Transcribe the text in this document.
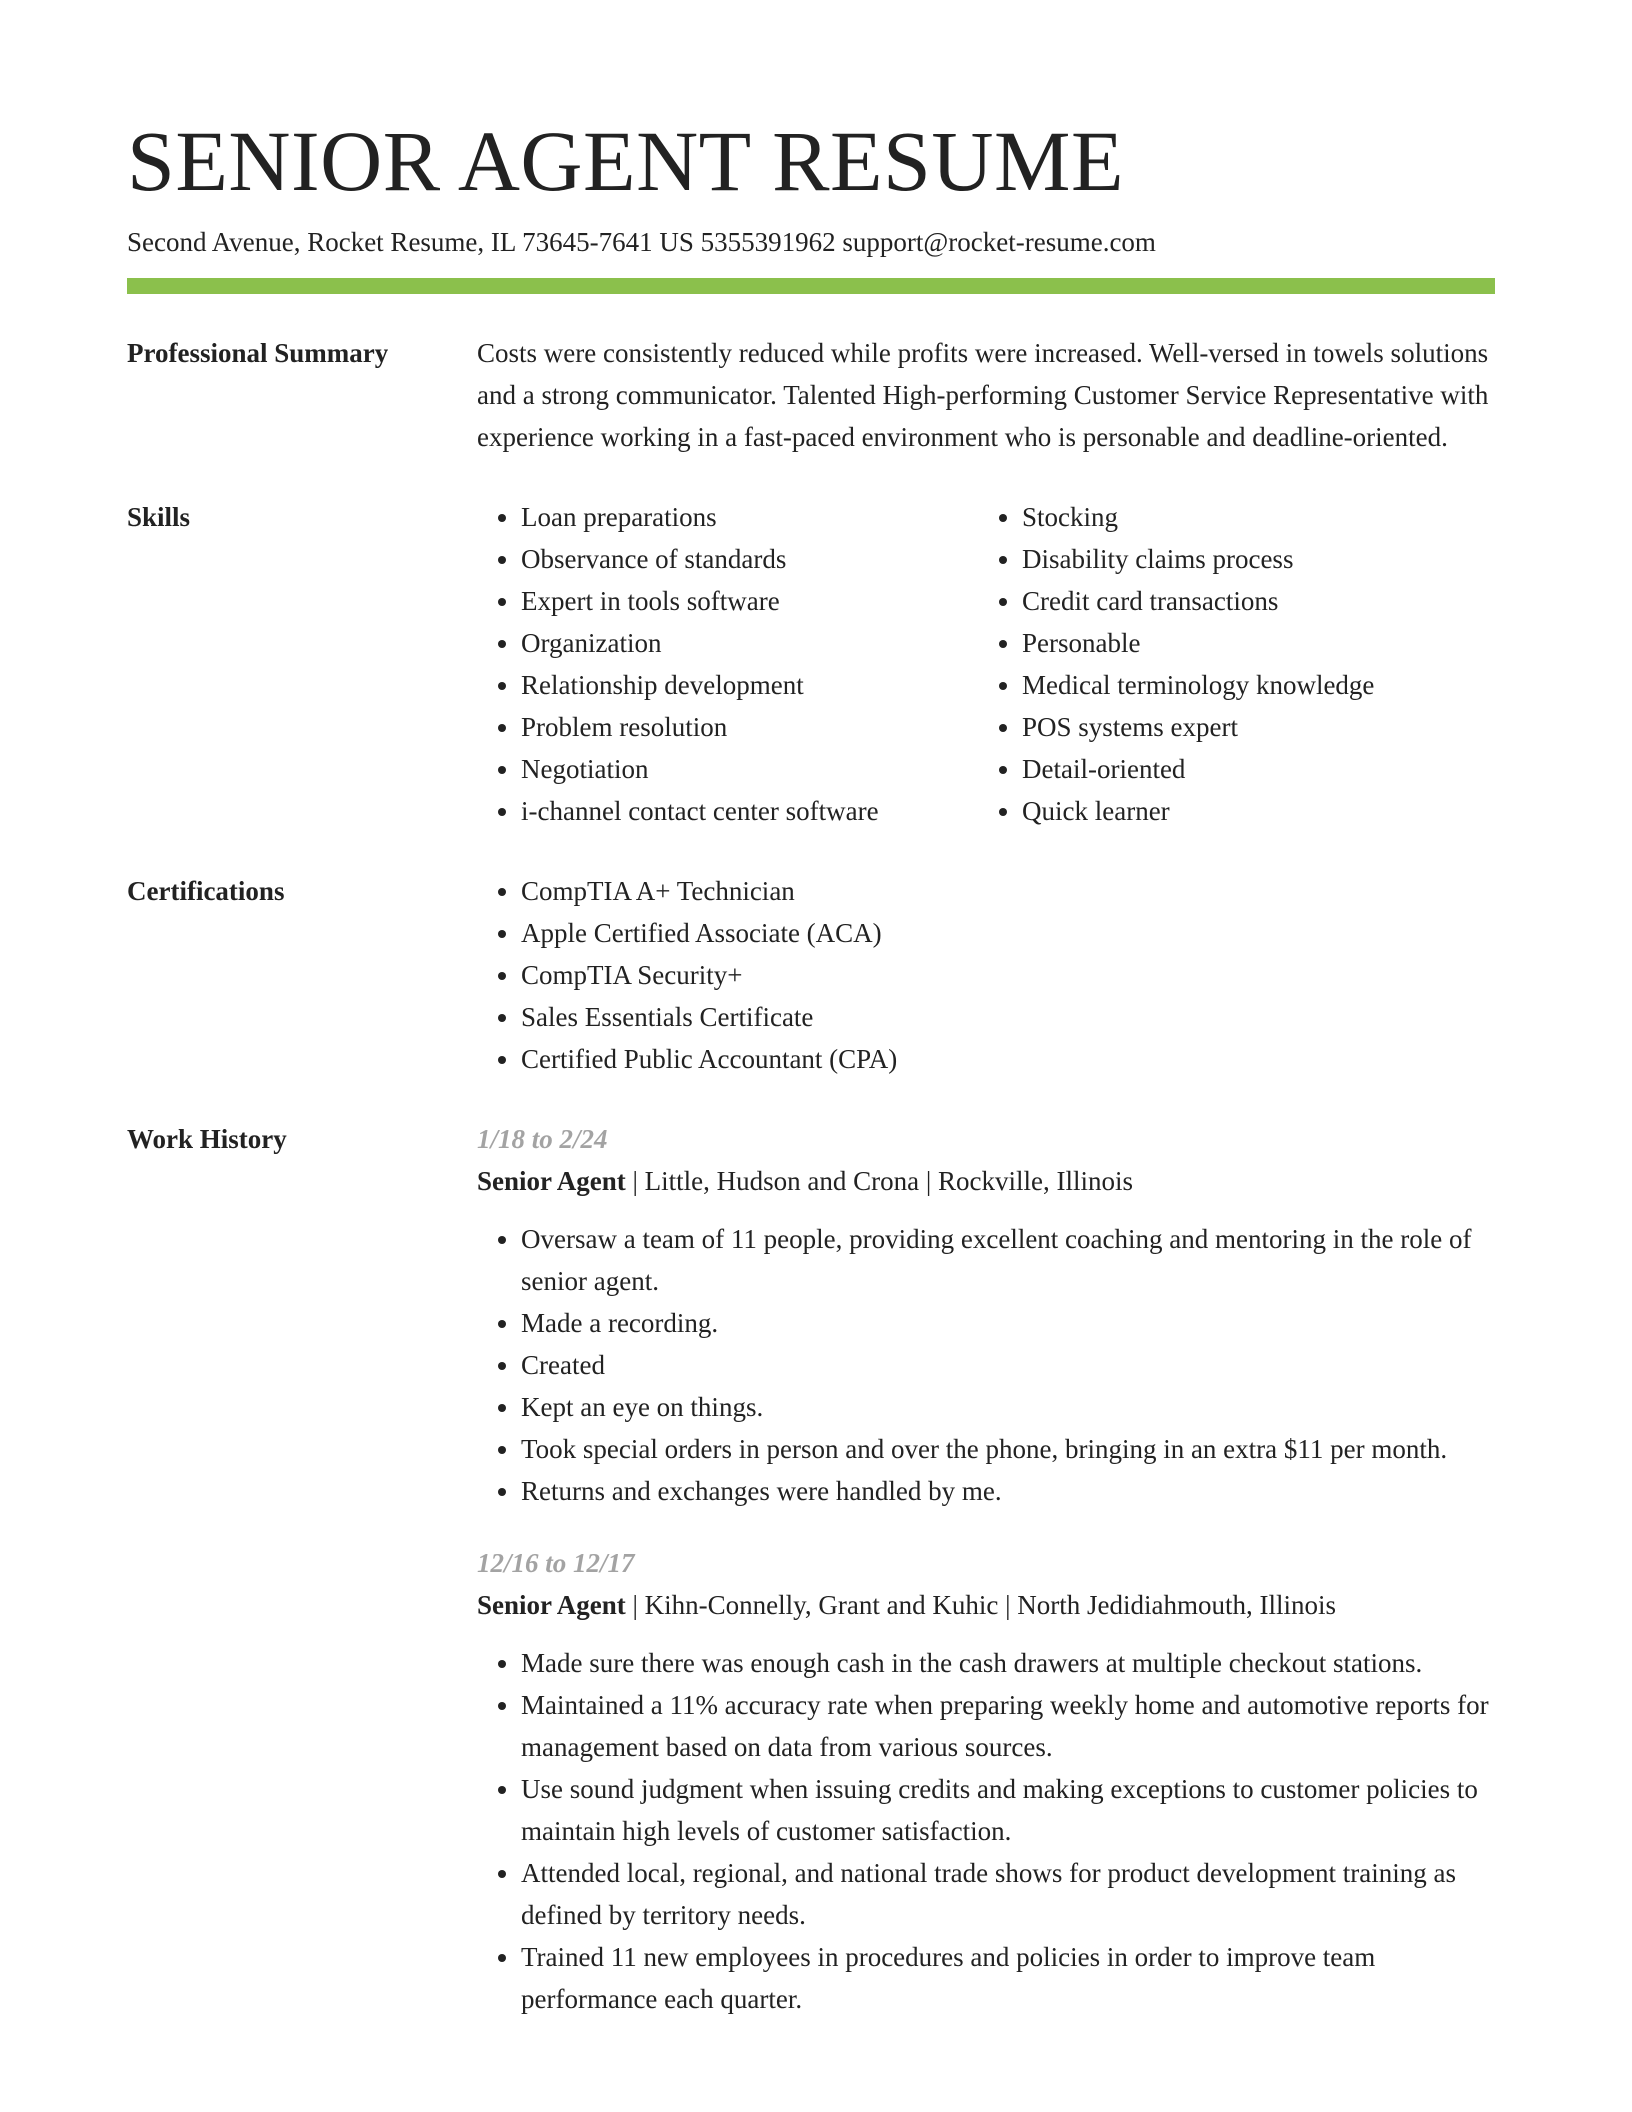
SENIOR AGENT RESUME
Second Avenue, Rocket Resume, IL 73645-7641 US 5355391962 support@rocket-resume.com
Professional Summary	Costs were consistently reduced while profits were increased. Well-versed in towels solutions and a strong communicator. Talented High-performing Customer Service Representative with experience working in a fast-paced environment who is personable and deadline-oriented.

Skills	• Loan preparations
• Observance of standards
• Expert in tools software
• Organization
• Relationship development
• Problem resolution
• Negotiation
• i-channel contact center software
• Stocking
• Disability claims process
• Credit card transactions
• Personable
• Medical terminology knowledge
• POS systems expert
• Detail-oriented
• Quick learner
Certifications	• CompTIA A+ Technician
• Apple Certified Associate (ACA)
• CompTIA Security+
• Sales Essentials Certificate
• Certified Public Accountant (CPA)
Work History	1/18 to 2/24
Senior Agent | Little, Hudson and Crona | Rockville, Illinois
• Oversaw a team of 11 people, providing excellent coaching and mentoring in the role of senior agent.
• Made a recording.
• Created
• Kept an eye on things.
• Took special orders in person and over the phone, bringing in an extra $11 per month.
• Returns and exchanges were handled by me.
12/16 to 12/17
Senior Agent | Kihn-Connelly, Grant and Kuhic | North Jedidiahmouth, Illinois
• Made sure there was enough cash in the cash drawers at multiple checkout stations.
• Maintained a 11% accuracy rate when preparing weekly home and automotive reports for management based on data from various sources.
• Use sound judgment when issuing credits and making exceptions to customer policies to maintain high levels of customer satisfaction.
• Attended local, regional, and national trade shows for product development training as defined by territory needs.
• Trained 11 new employees in procedures and policies in order to improve team performance each quarter.
